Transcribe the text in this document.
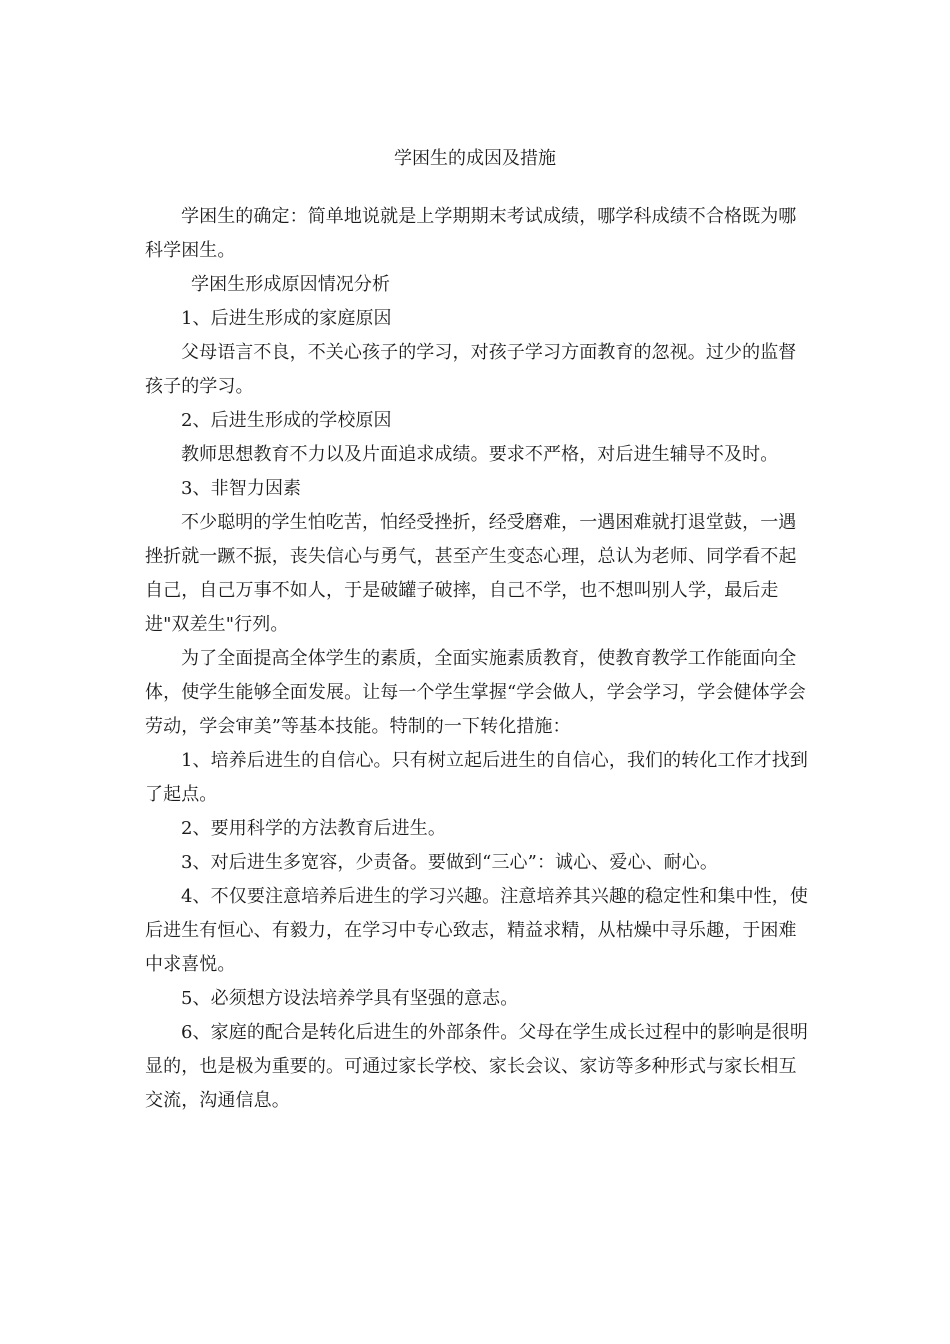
学困生的成因及措施

学困生的确定：简单地说就是上学期期末考试成绩，哪学科成绩不合格既为哪科学困生。

学困生形成原因情况分析

1、后进生形成的家庭原因

父母语言不良，不关心孩子的学习，对孩子学习方面教育的忽视。过少的监督孩子的学习。

2、后进生形成的学校原因

教师思想教育不力以及片面追求成绩。要求不严格，对后进生辅导不及时。

3、非智力因素

不少聪明的学生怕吃苦，怕经受挫折，经受磨难，一遇困难就打退堂鼓，一遇挫折就一蹶不振，丧失信心与勇气，甚至产生变态心理，总认为老师、同学看不起自己，自己万事不如人，于是破罐子破摔，自己不学，也不想叫别人学，最后走进"双差生"行列。

为了全面提高全体学生的素质，全面实施素质教育，使教育教学工作能面向全体，使学生能够全面发展。让每一个学生掌握“学会做人，学会学习，学会健体学会劳动，学会审美”等基本技能。特制的一下转化措施：

1、培养后进生的自信心。只有树立起后进生的自信心，我们的转化工作才找到了起点。

2、要用科学的方法教育后进生。

3、对后进生多宽容，少责备。要做到“三心”：诚心、爱心、耐心。

4、不仅要注意培养后进生的学习兴趣。注意培养其兴趣的稳定性和集中性，使后进生有恒心、有毅力，在学习中专心致志，精益求精，从枯燥中寻乐趣，于困难中求喜悦。

5、必须想方设法培养学具有坚强的意志。

6、家庭的配合是转化后进生的外部条件。父母在学生成长过程中的影响是很明显的，也是极为重要的。可通过家长学校、家长会议、家访等多种形式与家长相互交流，沟通信息。
